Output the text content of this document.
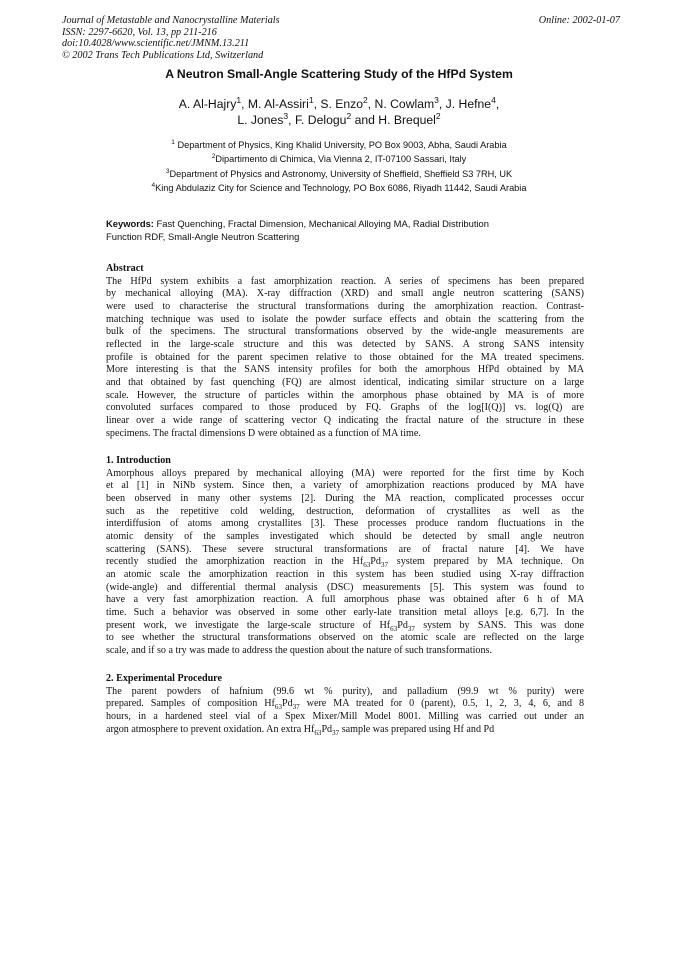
Journal of Metastable and Nanocrystalline Materials
ISSN: 2297-6620, Vol. 13, pp 211-216
doi:10.4028/www.scientific.net/JMNM.13.211
© 2002 Trans Tech Publications Ltd, Switzerland
Online: 2002-01-07
A Neutron Small-Angle Scattering Study of the HfPd System
A. Al-Hajry$^1$, M. Al-Assiri$^1$, S. Enzo$^2$, N. Cowlam$^3$, J. Hefne$^4$,
L. Jones$^3$, F. Delogu$^2$ and H. Brequel$^2$
$^1$ Department of Physics, King Khalid University, PO Box 9003, Abha, Saudi Arabia
$^2$Dipartimento di Chimica, Via Vienna 2, IT-07100 Sassari, Italy
$^3$Department of Physics and Astronomy, University of Sheffield, Sheffield S3 7RH, UK
$^4$King Abdulaziz City for Science and Technology, PO Box 6086, Riyadh 11442, Saudi Arabia
Keywords: Fast Quenching, Fractal Dimension, Mechanical Alloying MA, Radial Distribution
Function RDF, Small-Angle Neutron Scattering
Abstract
The HfPd system exhibits a fast amorphization reaction. A series of specimens has been prepared
by mechanical alloying (MA). X-ray diffraction (XRD) and small angle neutron scattering (SANS)
were used to characterise the structural transformations during the amorphization reaction. Contrast-
matching technique was used to isolate the powder surface effects and obtain the scattering from the
bulk of the specimens. The structural transformations observed by the wide-angle measurements are
reflected in the large-scale structure and this was detected by SANS. A strong SANS intensity
profile is obtained for the parent specimen relative to those obtained for the MA treated specimens.
More interesting is that the SANS intensity profiles for both the amorphous HfPd obtained by MA
and that obtained by fast quenching (FQ) are almost identical, indicating similar structure on a large
scale. However, the structure of particles within the amorphous phase obtained by MA is of more
convoluted surfaces compared to those produced by FQ. Graphs of the log[I(Q)] vs. log(Q) are
linear over a wide range of scattering vector Q indicating the fractal nature of the structure in these
specimens. The fractal dimensions D were obtained as a function of MA time.
1. Introduction
Amorphous alloys prepared by mechanical alloying (MA) were reported for the first time by Koch
et al [1] in NiNb system. Since then, a variety of amorphization reactions produced by MA have
been observed in many other systems [2]. During the MA reaction, complicated processes occur
such as the repetitive cold welding, destruction, deformation of crystallites as well as the
interdiffusion of atoms among crystallites [3]. These processes produce random fluctuations in the
atomic density of the samples investigated which should be detected by small angle neutron
scattering (SANS). These severe structural transformations are of fractal nature [4]. We have
recently studied the amorphization reaction in the $Hf_{63}Pd_{37}$ system prepared by MA technique. On
an atomic scale the amorphization reaction in this system has been studied using X-ray diffraction
(wide-angle) and differential thermal analysis (DSC) measurements [5]. This system was found to
have a very fast amorphization reaction. A full amorphous phase was obtained after 6 h of MA
time. Such a behavior was observed in some other early-late transition metal alloys [e.g. 6,7]. In the
present work, we investigate the large-scale structure of $Hf_{63}Pd_{37}$ system by SANS. This was done
to see whether the structural transformations observed on the atomic scale are reflected on the large
scale, and if so a try was made to address the question about the nature of such transformations.
2. Experimental Procedure
The parent powders of hafnium (99.6 wt % purity), and palladium (99.9 wt % purity) were
prepared. Samples of composition $Hf_{63}Pd_{37}$ were MA treated for 0 (parent), 0.5, 1, 2, 3, 4, 6, and 8
hours, in a hardened steel vial of a Spex Mixer/Mill Model 8001. Milling was carried out under an
argon atmosphere to prevent oxidation. An extra $Hf_{63}Pd_{37}$ sample was prepared using Hf and Pd
